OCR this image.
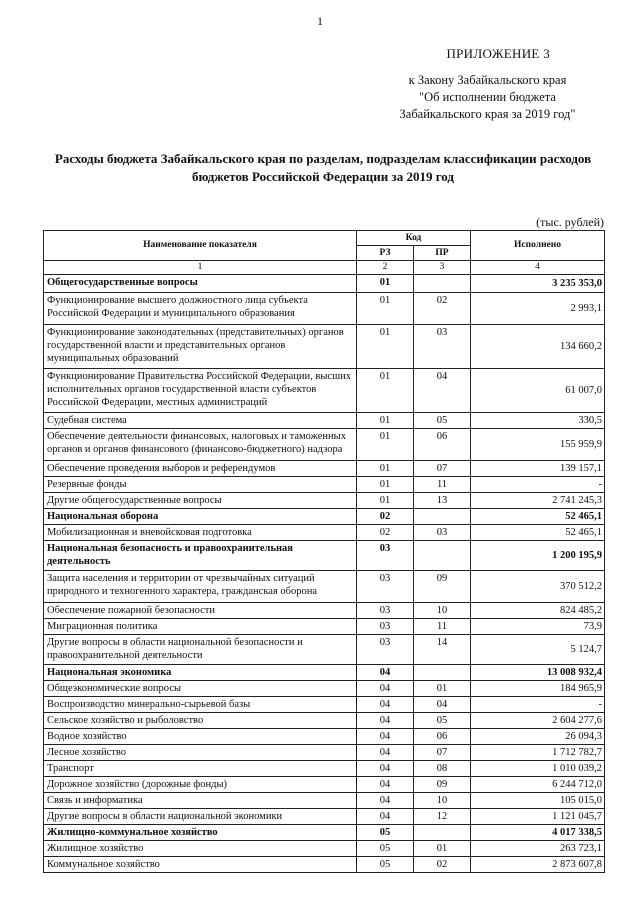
1
ПРИЛОЖЕНИЕ 3
к Закону Забайкальского края
"Об исполнении бюджета
Забайкальского края за 2019 год"
Расходы бюджета Забайкальского края по разделам, подразделам классификации расходов бюджетов Российской Федерации за 2019 год
(тыс. рублей)
Наименование показателя	Код		Исполнено
	РЗ	ПР	
1	2	3	4
Общегосударственные вопросы	01		3 235 353,0
Функционирование высшего должностного лица субъекта Российской Федерации и муниципального образования	01	02	2 993,1
Функционирование законодательных (представительных) органов государственной власти и представительных органов муниципальных образований	01	03	134 660,2
Функционирование Правительства Российской Федерации, высших исполнительных органов государственной власти субъектов Российской Федерации, местных администраций	01	04	61 007,0
Судебная система	01	05	330,5
Обеспечение деятельности финансовых, налоговых и таможенных органов и органов финансового (финансово-бюджетного) надзора	01	06	155 959,9
Обеспечение проведения выборов и референдумов	01	07	139 157,1
Резервные фонды	01	11	-
Другие общегосударственные вопросы	01	13	2 741 245,3
Национальная оборона	02		52 465,1
Мобилизационная и вневойсковая подготовка	02	03	52 465,1
Национальная безопасность и правоохранительная деятельность	03		1 200 195,9
Защита населения и территории от чрезвычайных ситуаций природного и техногенного характера, гражданская оборона	03	09	370 512,2
Обеспечение пожарной безопасности	03	10	824 485,2
Миграционная политика	03	11	73,9
Другие вопросы в области национальной безопасности и правоохранительной деятельности	03	14	5 124,7
Национальная экономика	04		13 008 932,4
Общеэкономические вопросы	04	01	184 965,9
Воспроизводство минерально-сырьевой базы	04	04	-
Сельское хозяйство и рыболовство	04	05	2 604 277,6
Водное хозяйство	04	06	26 094,3
Лесное хозяйство	04	07	1 712 782,7
Транспорт	04	08	1 010 039,2
Дорожное хозяйство (дорожные фонды)	04	09	6 244 712,0
Связь и информатика	04	10	105 015,0
Другие вопросы в области национальной экономики	04	12	1 121 045,7
Жилищно-коммунальное хозяйство	05		4 017 338,5
Жилищное хозяйство	05	01	263 723,1
Коммунальное хозяйство	05	02	2 873 607,8
